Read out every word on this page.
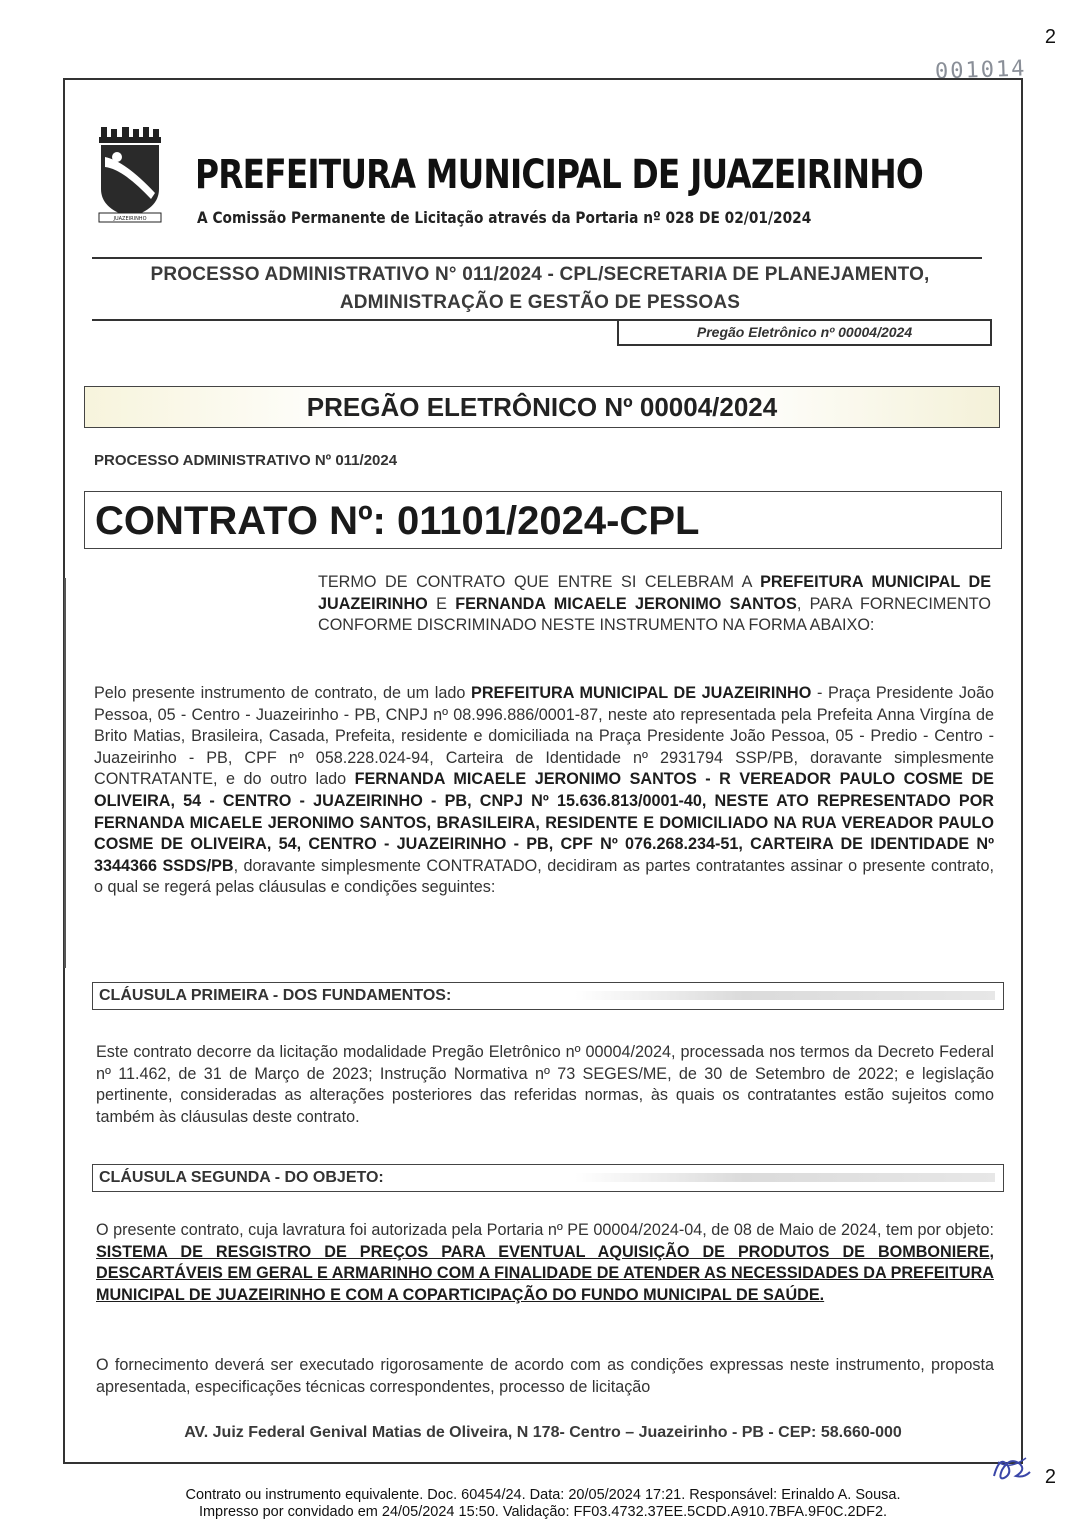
2
001014
JUAZEIRINHO
PREFEITURA MUNICIPAL DE JUAZEIRINHO
A Comissão Permanente de Licitação através da Portaria nº 028 DE 02/01/2024
PROCESSO ADMINISTRATIVO N° 011/2024 - CPL/SECRETARIA DE PLANEJAMENTO,
ADMINISTRAÇÃO E GESTÃO DE PESSOAS
Pregão Eletrônico nº 00004/2024
PREGÃO ELETRÔNICO Nº 00004/2024
PROCESSO ADMINISTRATIVO Nº 011/2024
CONTRATO Nº: 01101/2024-CPL
TERMO DE CONTRATO QUE ENTRE SI CELEBRAM A PREFEITURA MUNICIPAL DE JUAZEIRINHO E FERNANDA MICAELE JERONIMO SANTOS, PARA FORNECIMENTO CONFORME DISCRIMINADO NESTE INSTRUMENTO NA FORMA ABAIXO:
Pelo presente instrumento de contrato, de um lado PREFEITURA MUNICIPAL DE JUAZEIRINHO - Praça Presidente João Pessoa, 05 - Centro - Juazeirinho - PB, CNPJ nº 08.996.886/0001-87, neste ato representada pela Prefeita Anna Virgína de Brito Matias, Brasileira, Casada, Prefeita, residente e domiciliada na Praça Presidente João Pessoa, 05 - Predio - Centro - Juazeirinho - PB, CPF nº 058.228.024-94, Carteira de Identidade nº 2931794 SSP/PB, doravante simplesmente CONTRATANTE, e do outro lado FERNANDA MICAELE JERONIMO SANTOS - R VEREADOR PAULO COSME DE OLIVEIRA, 54 - CENTRO - JUAZEIRINHO - PB, CNPJ Nº 15.636.813/0001-40, NESTE ATO REPRESENTADO POR FERNANDA MICAELE JERONIMO SANTOS, BRASILEIRA, RESIDENTE E DOMICILIADO NA RUA VEREADOR PAULO COSME DE OLIVEIRA, 54, CENTRO - JUAZEIRINHO - PB, CPF Nº 076.268.234-51, CARTEIRA DE IDENTIDADE Nº 3344366 SSDS/PB, doravante simplesmente CONTRATADO, decidiram as partes contratantes assinar o presente contrato, o qual se regerá pelas cláusulas e condições seguintes:
CLÁUSULA PRIMEIRA - DOS FUNDAMENTOS:
Este contrato decorre da licitação modalidade Pregão Eletrônico nº 00004/2024, processada nos termos da Decreto Federal nº 11.462, de 31 de Março de 2023; Instrução Normativa nº 73 SEGES/ME, de 30 de Setembro de 2022; e legislação pertinente, consideradas as alterações posteriores das referidas normas, às quais os contratantes estão sujeitos como também às cláusulas deste contrato.
CLÁUSULA SEGUNDA - DO OBJETO:
O presente contrato, cuja lavratura foi autorizada pela Portaria nº PE 00004/2024-04, de 08 de Maio de 2024, tem por objeto: SISTEMA DE RESGISTRO DE PREÇOS PARA EVENTUAL AQUISIÇÃO DE PRODUTOS DE BOMBONIERE, DESCARTÁVEIS EM GERAL E ARMARINHO COM A FINALIDADE DE ATENDER AS NECESSIDADES DA PREFEITURA MUNICIPAL DE JUAZEIRINHO E COM A COPARTICIPAÇÃO DO FUNDO MUNICIPAL DE SAÚDE.
O fornecimento deverá ser executado rigorosamente de acordo com as condições expressas neste instrumento, proposta apresentada, especificações técnicas correspondentes, processo de licitação
AV. Juiz Federal Genival Matias de Oliveira, N 178- Centro – Juazeirinho - PB - CEP: 58.660-000
2
Contrato ou instrumento equivalente. Doc. 60454/24. Data: 20/05/2024 17:21. Responsável: Erinaldo A. Sousa.
Impresso por convidado em 24/05/2024 15:50. Validação: FF03.4732.37EE.5CDD.A910.7BFA.9F0C.2DF2.
